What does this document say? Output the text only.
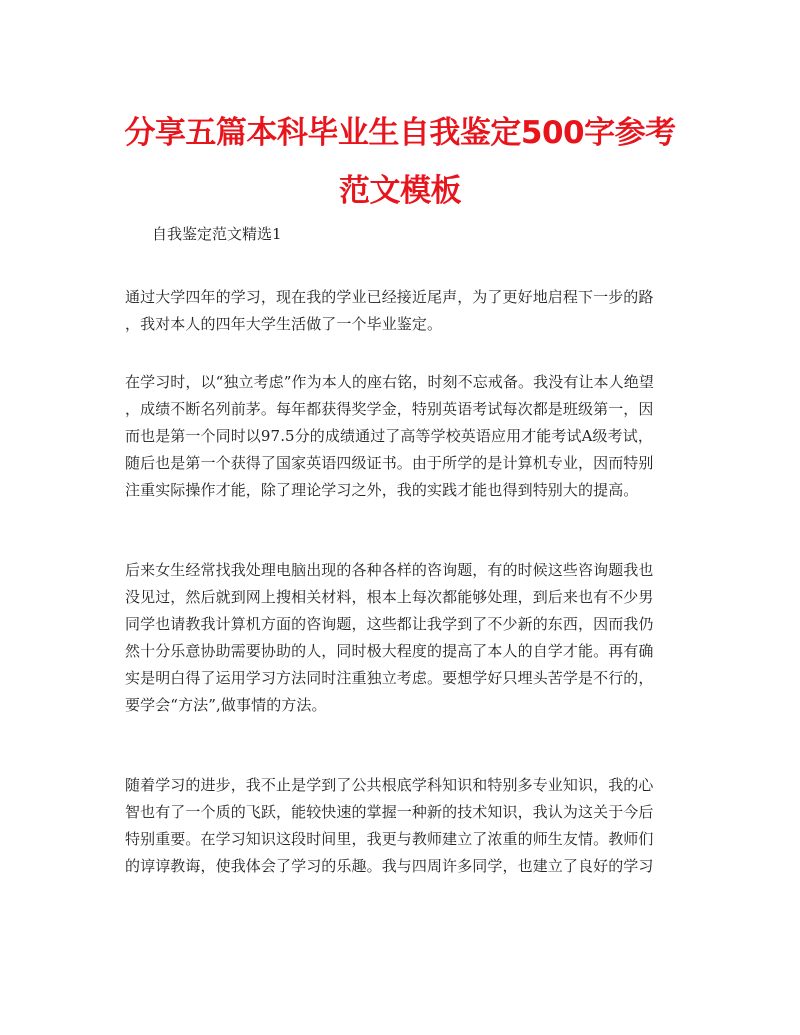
分享五篇本科毕业生自我鉴定500字参考
范文模板
自我鉴定范文精选1
通过大学四年的学习，现在我的学业已经接近尾声，为了更好地启程下一步的路
，我对本人的四年大学生活做了一个毕业鉴定。
在学习时，以“独立考虑”作为本人的座右铭，时刻不忘戒备。我没有让本人绝望
，成绩不断名列前茅。每年都获得奖学金，特别英语考试每次都是班级第一，因
而也是第一个同时以97.5分的成绩通过了高等学校英语应用才能考试A级考试，
随后也是第一个获得了国家英语四级证书。由于所学的是计算机专业，因而特别
注重实际操作才能，除了理论学习之外，我的实践才能也得到特别大的提高。
后来女生经常找我处理电脑出现的各种各样的咨询题，有的时候这些咨询题我也
没见过，然后就到网上搜相关材料，根本上每次都能够处理，到后来也有不少男
同学也请教我计算机方面的咨询题，这些都让我学到了不少新的东西，因而我仍
然十分乐意协助需要协助的人，同时极大程度的提高了本人的自学才能。再有确
实是明白得了运用学习方法同时注重独立考虑。要想学好只埋头苦学是不行的，
要学会“方法”,做事情的方法。
随着学习的进步，我不止是学到了公共根底学科知识和特别多专业知识，我的心
智也有了一个质的飞跃，能较快速的掌握一种新的技术知识，我认为这关于今后
特别重要。在学习知识这段时间里，我更与教师建立了浓重的师生友情。教师们
的谆谆教诲，使我体会了学习的乐趣。我与四周许多同学，也建立了良好的学习
